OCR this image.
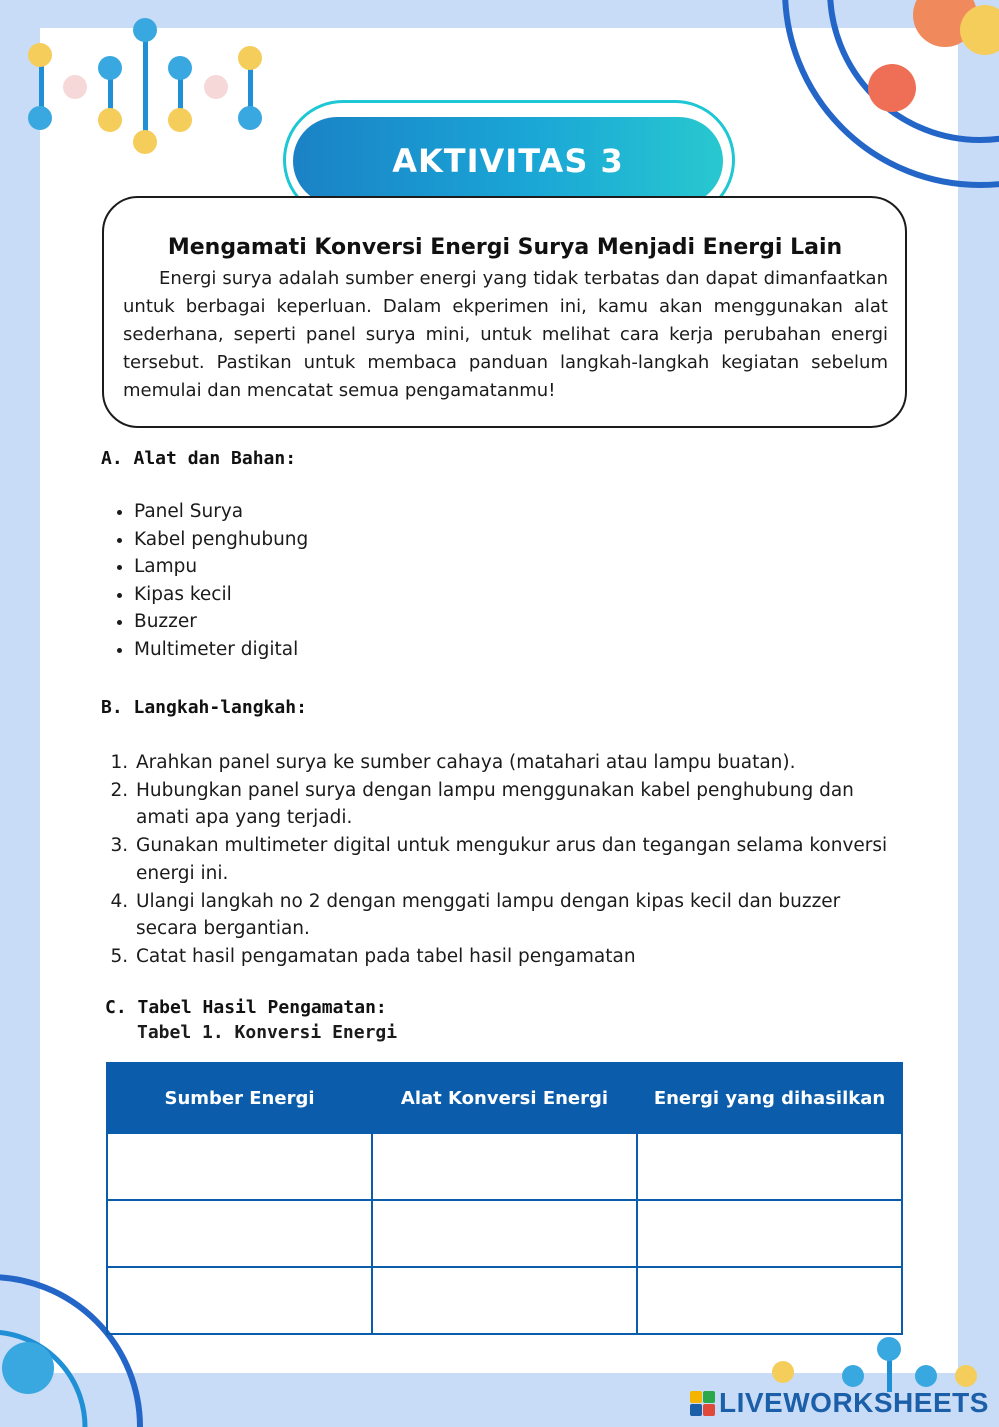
AKTIVITAS 3
Mengamati Konversi Energi Surya Menjadi Energi Lain
Energi surya adalah sumber energi yang tidak terbatas dan dapat dimanfaatkan untuk berbagai keperluan. Dalam ekperimen ini, kamu akan menggunakan alat sederhana, seperti panel surya mini, untuk melihat cara kerja perubahan energi tersebut. Pastikan untuk membaca panduan langkah-langkah kegiatan sebelum memulai dan mencatat semua pengamatanmu!
A. Alat dan Bahan:
• Panel Surya
• Kabel penghubung
• Lampu
• Kipas kecil
• Buzzer
• Multimeter digital
B. Langkah-langkah:
1. Arahkan panel surya ke sumber cahaya (matahari atau lampu buatan).
2. Hubungkan panel surya dengan lampu menggunakan kabel penghubung dan amati apa yang terjadi.
3. Gunakan multimeter digital untuk mengukur arus dan tegangan selama konversi energi ini.
4. Ulangi langkah no 2 dengan menggati lampu dengan kipas kecil dan buzzer secara bergantian.
5. Catat hasil pengamatan pada tabel hasil pengamatan
C. Tabel Hasil Pengamatan:
Tabel 1. Konversi Energi
Sumber Energi	Alat Konversi Energi	Energi yang dihasilkan

LIVEWORKSHEETS
